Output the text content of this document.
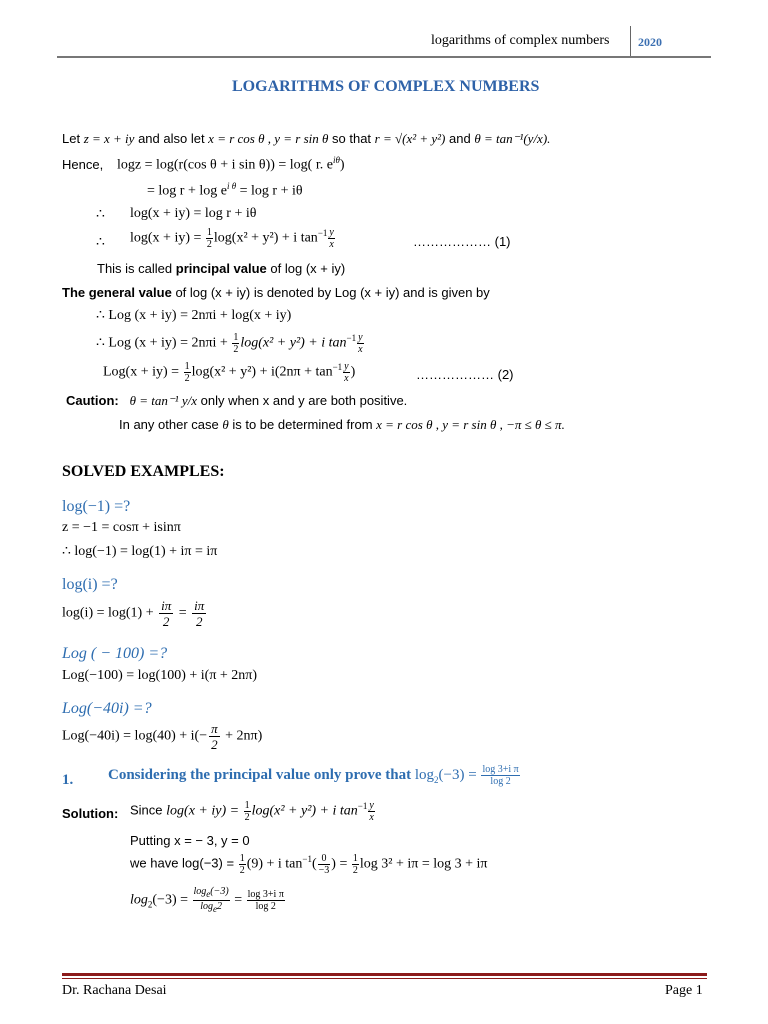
logarithms of complex numbers 2020
LOGARITHMS OF COMPLEX NUMBERS
Let z = x + iy and also let x = r cos θ , y = r sin θ so that r = √(x² + y²) and θ = tan⁻¹(y/x).
Hence, logz = log(r(cos θ + i sin θ)) = log( r. $e^{i\theta}$)
= $\log r + \log e^{i \theta} = \log r + i\theta$
∴ log(x + iy) = log r + iθ
∴ $\log(x + iy) = \frac{1}{2} \log(x^2 + y^2) + i$ $\tan^{-1} \frac{y}{x}$	……………… (1)
This is called principal value of log (x + iy)
The general value of log (x + iy) is denoted by Log (x + iy) and is given by
∴ Log (x + iy) = 2nπi + log(x + iy)
∴ Log $(x + iy) = 2n\pi i + \frac{1}{2} \log(x^2 + y^2) + i$ $\tan^{-1} \frac{y}{x}$
$Log(x + iy) = \frac{1}{2} \log(x^2 + y^2) + i(2n\pi + \tan^{-1} \frac{y}{x}$ )	……………… (2)
Caution: θ = tan⁻¹ y/x only when x and y are both positive.
In any other case θ is to be determined from x = r cos θ , y = r sin θ , −π ≤ θ ≤ π.
SOLVED EXAMPLES:
log(−1) =?
z = −1 = cosπ + isinπ
∴ log(−1) = log(1) + iπ = iπ
log(i) =?
$\log(i) = \log(1) + \frac{i\pi}{2} = \frac{i\pi}{2}$
Log ( − 100) =?
Log(−100) = log(100) + i(π + 2nπ)
Log(−40i) =?
$Log(-40i) = \log(40) + i(- \frac{\pi}{2} + 2n\pi)$
1. Considering the principal value only prove that $\log_2(-3) = \frac{\text{log 3+i π}}{\log 2}$
Solution: Since $\log(x + iy) = \frac{1}{2} \log(x^2 + y^2) + i$ $\tan^{-1} \frac{y}{x}$
Putting x = − 3, y = 0
we have $\log(-3) = \frac{1}{2} (9) + i$ $\tan^{-1}( \frac{0}{-3}$ ) = $\frac{1}{2}$ log 3² + iπ = log 3 + iπ
$\log_2(-3) = \frac{\log_e(-3)}{\log_e2} = \frac{\text{log 3+i π}}{\log 2}$
Dr. Rachana Desai	Page 1
